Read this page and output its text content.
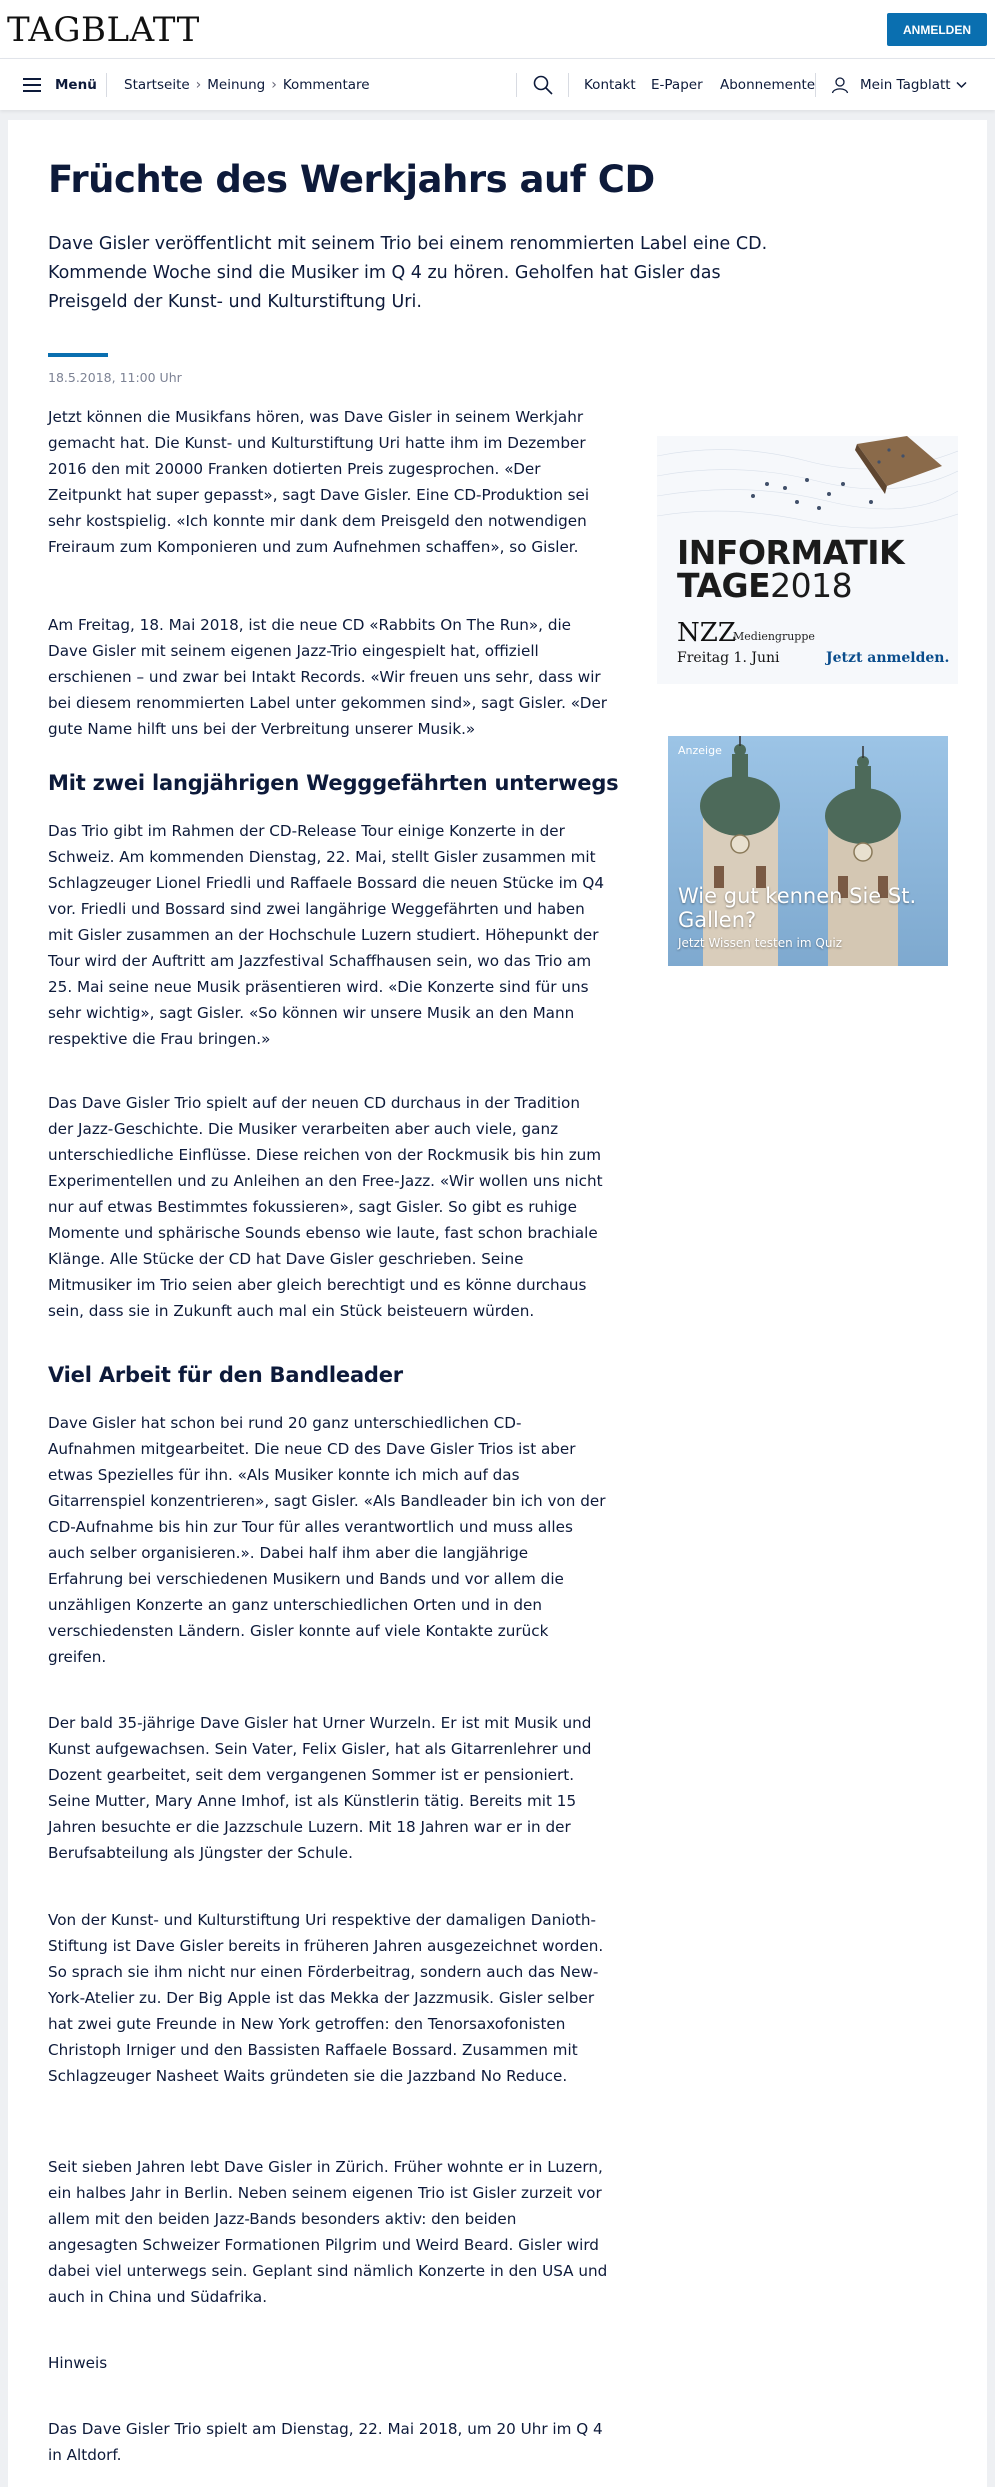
TAGBLATT	ANMELDEN
Menü Startseite › Meinung › Kommentare	Kontakt E-Paper Abonnemente	Mein Tagblatt
Früchte des Werkjahrs auf CD
Dave Gisler veröffentlicht mit seinem Trio bei einem renommierten Label eine CD. Kommende Woche sind die Musiker im Q 4 zu hören. Geholfen hat Gisler das Preisgeld der Kunst- und Kulturstiftung Uri.
18.5.2018, 11:00 Uhr
Jetzt können die Musikfans hören, was Dave Gisler in seinem Werkjahr gemacht hat. Die Kunst- und Kulturstiftung Uri hatte ihm im Dezember 2016 den mit 20000 Franken dotierten Preis zugesprochen. «Der Zeitpunkt hat super gepasst», sagt Dave Gisler. Eine CD-Produktion sei sehr kostspielig. «Ich konnte mir dank dem Preisgeld den notwendigen Freiraum zum Komponieren und zum Aufnehmen schaffen», so Gisler.
Am Freitag, 18. Mai 2018, ist die neue CD «Rabbits On The Run», die Dave Gisler mit seinem eigenen Jazz-Trio eingespielt hat, offiziell erschienen – und zwar bei Intakt Records. «Wir freuen uns sehr, dass wir bei diesem renommierten Label unter gekommen sind», sagt Gisler. «Der gute Name hilft uns bei der Verbreitung unserer Musik.»
Mit zwei langjährigen Wegggefährten unterwegs
Das Trio gibt im Rahmen der CD-Release Tour einige Konzerte in der Schweiz. Am kommenden Dienstag, 22. Mai, stellt Gisler zusammen mit Schlagzeuger Lionel Friedli und Raffaele Bossard die neuen Stücke im Q4 vor. Friedli und Bossard sind zwei langährige Weggefährten und haben mit Gisler zusammen an der Hochschule Luzern studiert. Höhepunkt der Tour wird der Auftritt am Jazzfestival Schaffhausen sein, wo das Trio am 25. Mai seine neue Musik präsentieren wird. «Die Konzerte sind für uns sehr wichtig», sagt Gisler. «So können wir unsere Musik an den Mann respektive die Frau bringen.»
Das Dave Gisler Trio spielt auf der neuen CD durchaus in der Tradition der Jazz-Geschichte. Die Musiker verarbeiten aber auch viele, ganz unterschiedliche Einflüsse. Diese reichen von der Rockmusik bis hin zum Experimentellen und zu Anleihen an den Free-Jazz. «Wir wollen uns nicht nur auf etwas Bestimmtes fokussieren», sagt Gisler. So gibt es ruhige Momente und sphärische Sounds ebenso wie laute, fast schon brachiale Klänge. Alle Stücke der CD hat Dave Gisler geschrieben. Seine Mitmusiker im Trio seien aber gleich berechtigt und es könne durchaus sein, dass sie in Zukunft auch mal ein Stück beisteuern würden.
Viel Arbeit für den Bandleader
Dave Gisler hat schon bei rund 20 ganz unterschiedlichen CD-Aufnahmen mitgearbeitet. Die neue CD des Dave Gisler Trios ist aber etwas Spezielles für ihn. «Als Musiker konnte ich mich auf das Gitarrenspiel konzentrieren», sagt Gisler. «Als Bandleader bin ich von der CD-Aufnahme bis hin zur Tour für alles verantwortlich und muss alles auch selber organisieren.». Dabei half ihm aber die langjährige Erfahrung bei verschiedenen Musikern und Bands und vor allem die unzähligen Konzerte an ganz unterschiedlichen Orten und in den verschiedensten Ländern. Gisler konnte auf viele Kontakte zurück greifen.
Der bald 35-jährige Dave Gisler hat Urner Wurzeln. Er ist mit Musik und Kunst aufgewachsen. Sein Vater, Felix Gisler, hat als Gitarrenlehrer und Dozent gearbeitet, seit dem vergangenen Sommer ist er pensioniert. Seine Mutter, Mary Anne Imhof, ist als Künstlerin tätig. Bereits mit 15 Jahren besuchte er die Jazzschule Luzern. Mit 18 Jahren war er in der Berufsabteilung als Jüngster der Schule.
Von der Kunst- und Kulturstiftung Uri respektive der damaligen Danioth-Stiftung ist Dave Gisler bereits in früheren Jahren ausgezeichnet worden. So sprach sie ihm nicht nur einen Förderbeitrag, sondern auch das New-York-Atelier zu. Der Big Apple ist das Mekka der Jazzmusik. Gisler selber hat zwei gute Freunde in New York getroffen: den Tenorsaxofonisten Christoph Irniger und den Bassisten Raffaele Bossard. Zusammen mit Schlagzeuger Nasheet Waits gründeten sie die Jazzband No Reduce.
Seit sieben Jahren lebt Dave Gisler in Zürich. Früher wohnte er in Luzern, ein halbes Jahr in Berlin. Neben seinem eigenen Trio ist Gisler zurzeit vor allem mit den beiden Jazz-Bands besonders aktiv: den beiden angesagten Schweizer Formationen Pilgrim und Weird Beard. Gisler wird dabei viel unterwegs sein. Geplant sind nämlich Konzerte in den USA und auch in China und Südafrika.
Hinweis
Das Dave Gisler Trio spielt am Dienstag, 22. Mai 2018, um 20 Uhr im Q 4 in Altdorf.
INFORMATIK
TAGE2018
NZZ
Mediengruppe
Freitag 1. Juni	Jetzt anmelden.
Anzeige
Wie gut kennen Sie St. Gallen?
Jetzt Wissen testen im Quiz
